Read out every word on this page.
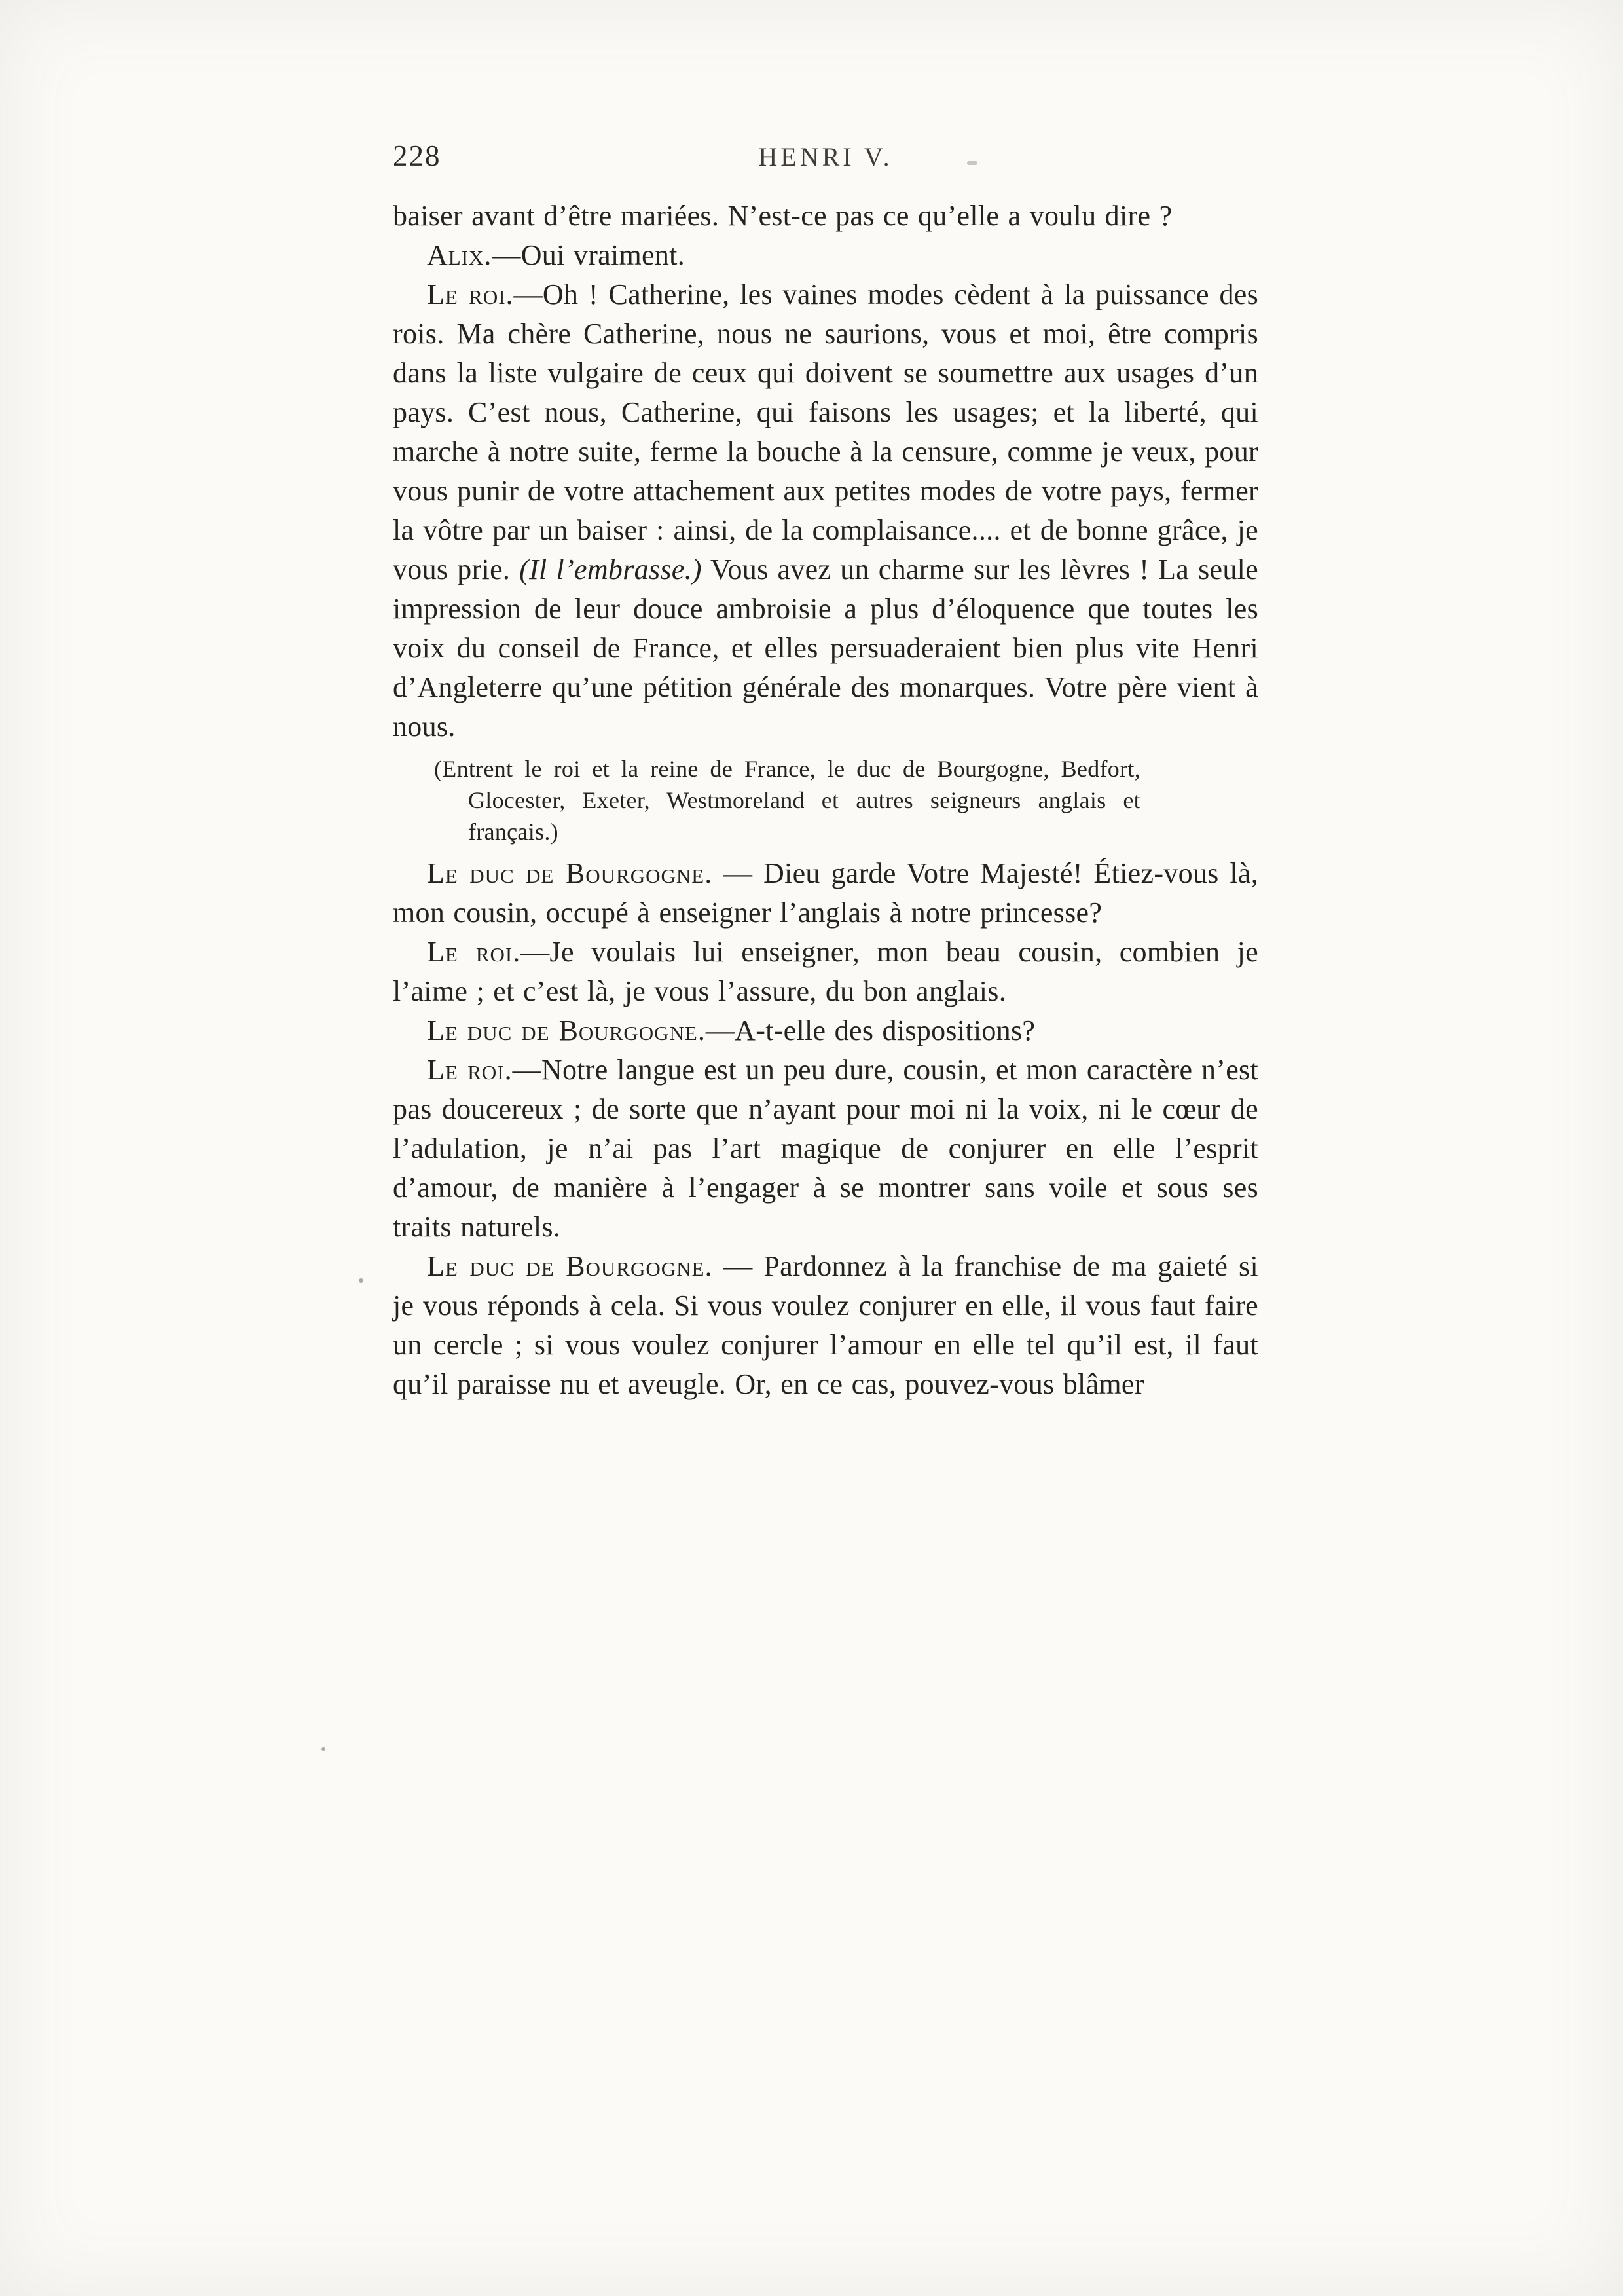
228	HENRI V.

baiser avant d’être mariées. N’est-ce pas ce qu’elle a voulu dire ?

Alix.—Oui vraiment.

Le roi.—Oh ! Catherine, les vaines modes cèdent à la puissance des rois. Ma chère Catherine, nous ne saurions, vous et moi, être compris dans la liste vulgaire de ceux qui doivent se soumettre aux usages d’un pays. C’est nous, Catherine, qui faisons les usages; et la liberté, qui marche à notre suite, ferme la bouche à la censure, comme je veux, pour vous punir de votre attachement aux petites modes de votre pays, fermer la vôtre par un baiser : ainsi, de la complaisance.... et de bonne grâce, je vous prie. (Il l’embrasse.) Vous avez un charme sur les lèvres ! La seule impression de leur douce ambroisie a plus d’éloquence que toutes les voix du conseil de France, et elles persuaderaient bien plus vite Henri d’Angleterre qu’une pétition générale des monarques. Votre père vient à nous.

(Entrent le roi et la reine de France, le duc de Bourgogne, Bedfort, Glocester, Exeter, Westmoreland et autres seigneurs anglais et français.)

Le duc de Bourgogne. — Dieu garde Votre Majesté! Étiez-vous là, mon cousin, occupé à enseigner l’anglais à notre princesse?

Le roi.—Je voulais lui enseigner, mon beau cousin, combien je l’aime ; et c’est là, je vous l’assure, du bon anglais.

Le duc de Bourgogne.—A-t-elle des dispositions?

Le roi.—Notre langue est un peu dure, cousin, et mon caractère n’est pas doucereux ; de sorte que n’ayant pour moi ni la voix, ni le cœur de l’adulation, je n’ai pas l’art magique de conjurer en elle l’esprit d’amour, de manière à l’engager à se montrer sans voile et sous ses traits naturels.

Le duc de Bourgogne. — Pardonnez à la franchise de ma gaieté si je vous réponds à cela. Si vous voulez conjurer en elle, il vous faut faire un cercle ; si vous voulez conjurer l’amour en elle tel qu’il est, il faut qu’il paraisse nu et aveugle. Or, en ce cas, pouvez-vous blâmer
